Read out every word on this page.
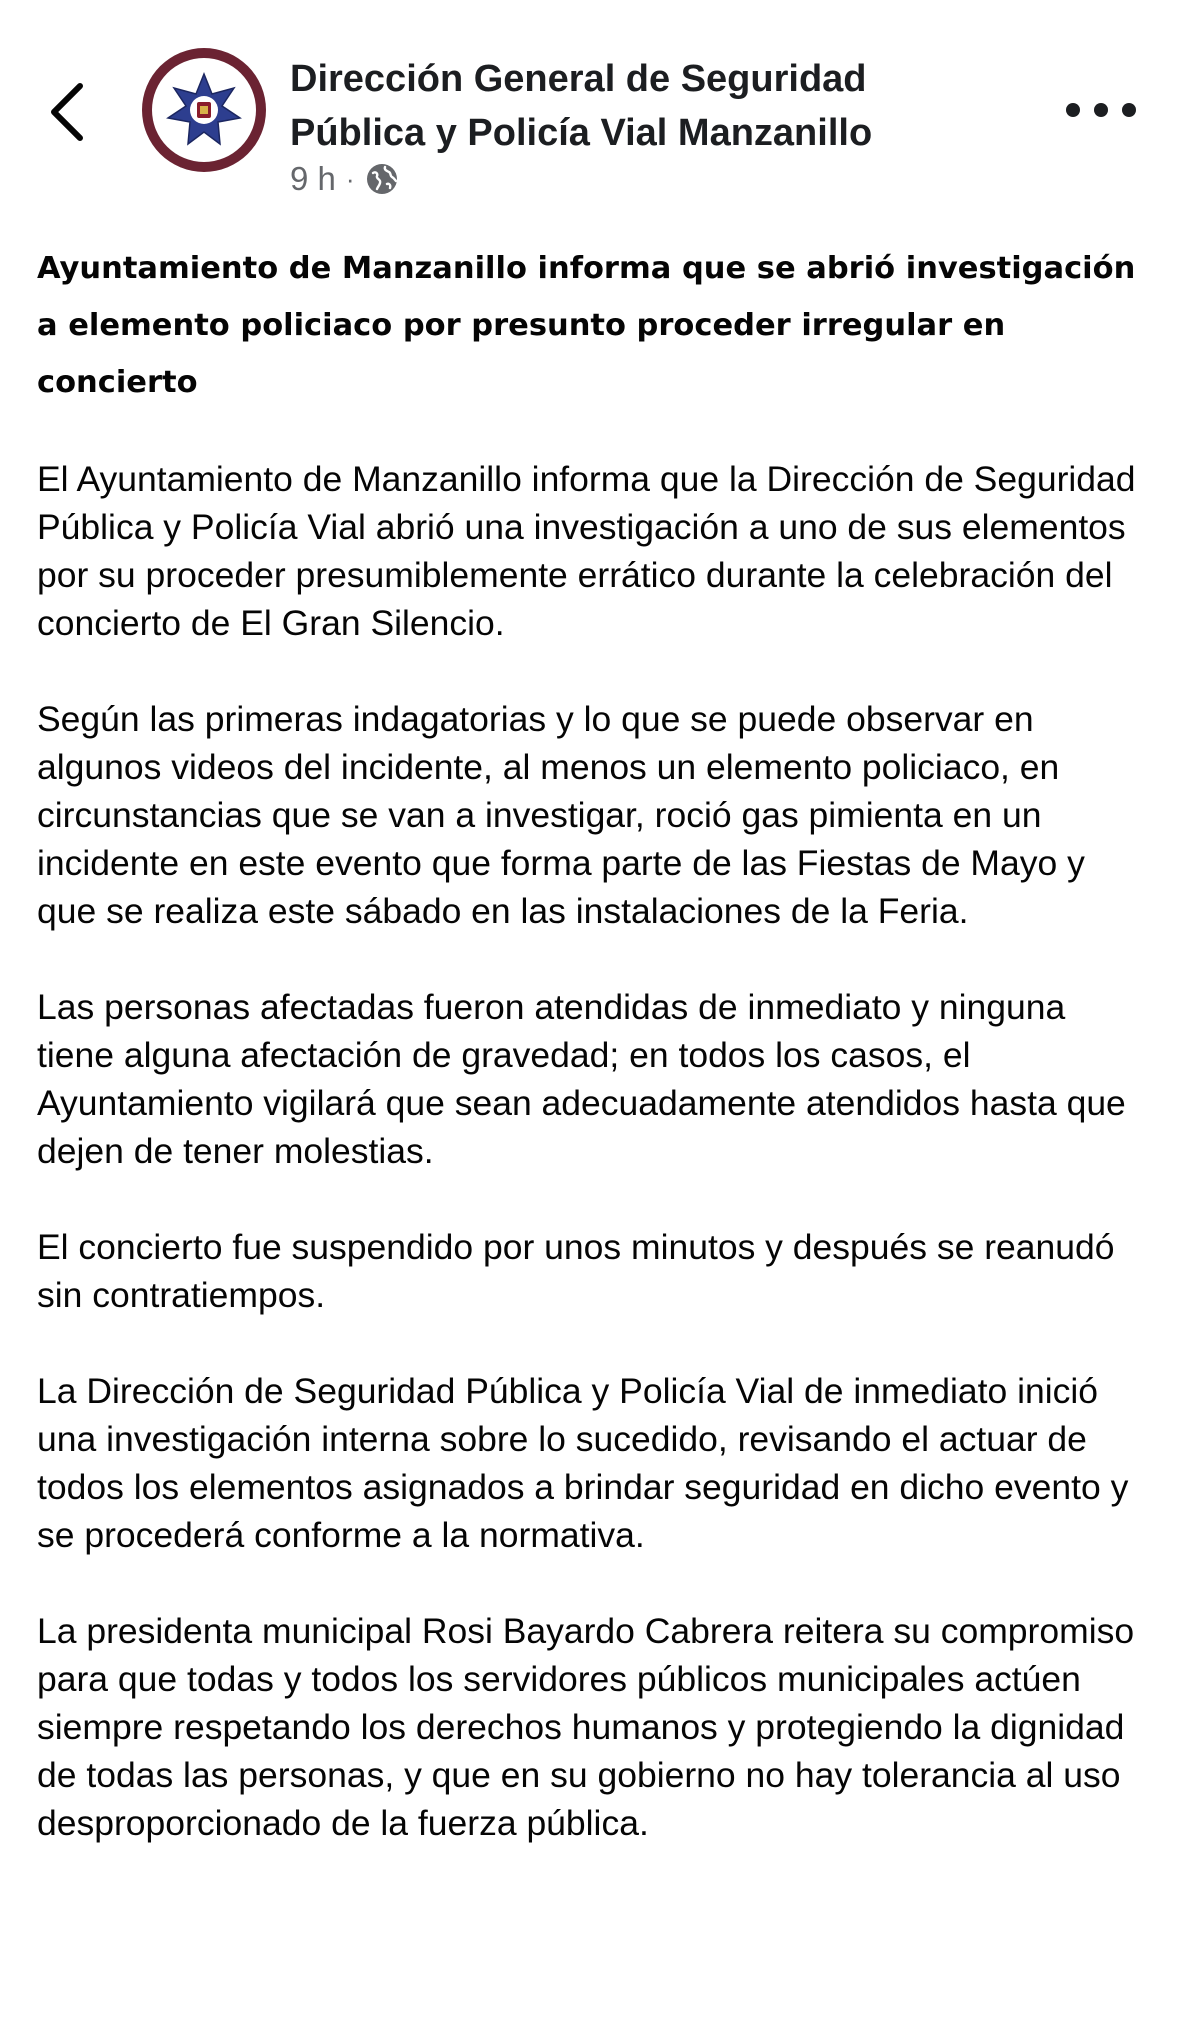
Dirección General de Seguridad Pública y Policía Vial Manzanillo
9 h ·

Ayuntamiento de Manzanillo informa que se abrió investigación a elemento policiaco por presunto proceder irregular en concierto

El Ayuntamiento de Manzanillo informa que la Dirección de Seguridad Pública y Policía Vial abrió una investigación a uno de sus elementos por su proceder presumiblemente errático durante la celebración del concierto de El Gran Silencio.

Según las primeras indagatorias y lo que se puede observar en algunos videos del incidente, al menos un elemento policiaco, en circunstancias que se van a investigar, roció gas pimienta en un incidente en este evento que forma parte de las Fiestas de Mayo y que se realiza este sábado en las instalaciones de la Feria.

Las personas afectadas fueron atendidas de inmediato y ninguna tiene alguna afectación de gravedad; en todos los casos, el Ayuntamiento vigilará que sean adecuadamente atendidos hasta que dejen de tener molestias.

El concierto fue suspendido por unos minutos y después se reanudó sin contratiempos.

La Dirección de Seguridad Pública y Policía Vial de inmediato inició una investigación interna sobre lo sucedido, revisando el actuar de todos los elementos asignados a brindar seguridad en dicho evento y se procederá conforme a la normativa.

La presidenta municipal Rosi Bayardo Cabrera reitera su compromiso para que todas y todos los servidores públicos municipales actúen siempre respetando los derechos humanos y protegiendo la dignidad de todas las personas, y que en su gobierno no hay tolerancia al uso desproporcionado de la fuerza pública.
